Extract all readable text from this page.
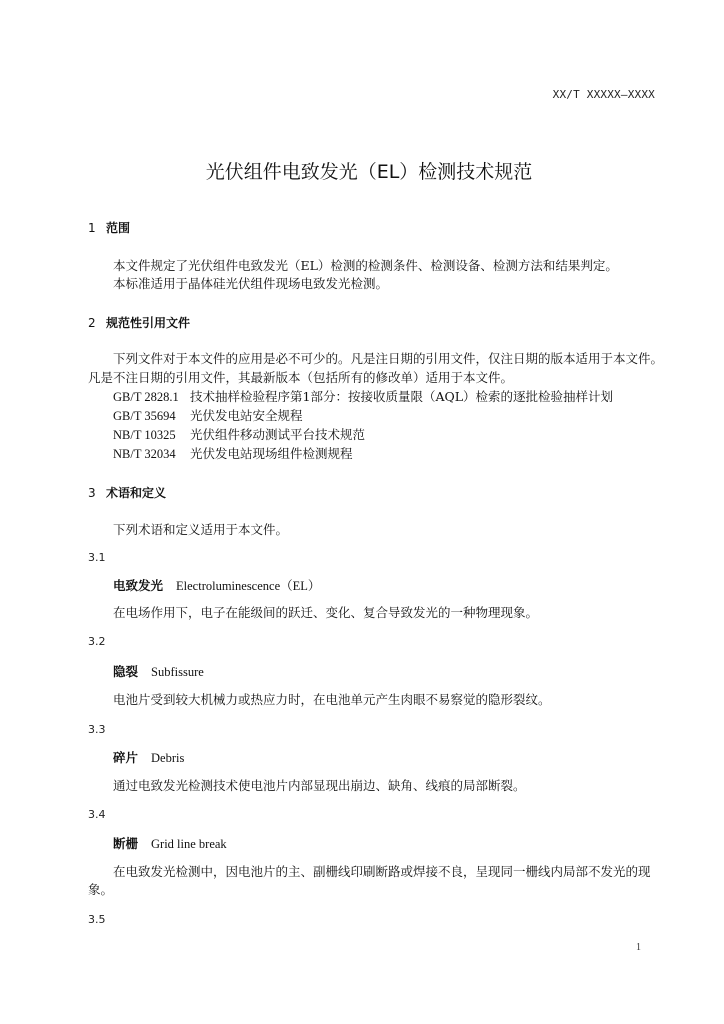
XX/T XXXXX—XXXX
光伏组件电致发光（EL）检测技术规范
1 范围
本文件规定了光伏组件电致发光（EL）检测的检测条件、检测设备、检测方法和结果判定。
本标准适用于晶体硅光伏组件现场电致发光检测。
2 规范性引用文件
下列文件对于本文件的应用是必不可少的。凡是注日期的引用文件，仅注日期的版本适用于本文件。
凡是不注日期的引用文件，其最新版本（包括所有的修改单）适用于本文件。
GB/T 2828.1 技术抽样检验程序第1部分：按接收质量限（AQL）检索的逐批检验抽样计划
GB/T 35694 光伏发电站安全规程
NB/T 10325 光伏组件移动测试平台技术规范
NB/T 32034 光伏发电站现场组件检测规程
3 术语和定义
下列术语和定义适用于本文件。
3.1
电致发光 Electroluminescence（EL）
在电场作用下，电子在能级间的跃迁、变化、复合导致发光的一种物理现象。
3.2
隐裂 Subfissure
电池片受到较大机械力或热应力时，在电池单元产生肉眼不易察觉的隐形裂纹。
3.3
碎片 Debris
通过电致发光检测技术使电池片内部显现出崩边、缺角、线痕的局部断裂。
3.4
断栅 Grid line break
在电致发光检测中，因电池片的主、副栅线印刷断路或焊接不良，呈现同一栅线内局部不发光的现
象。
3.5
1
